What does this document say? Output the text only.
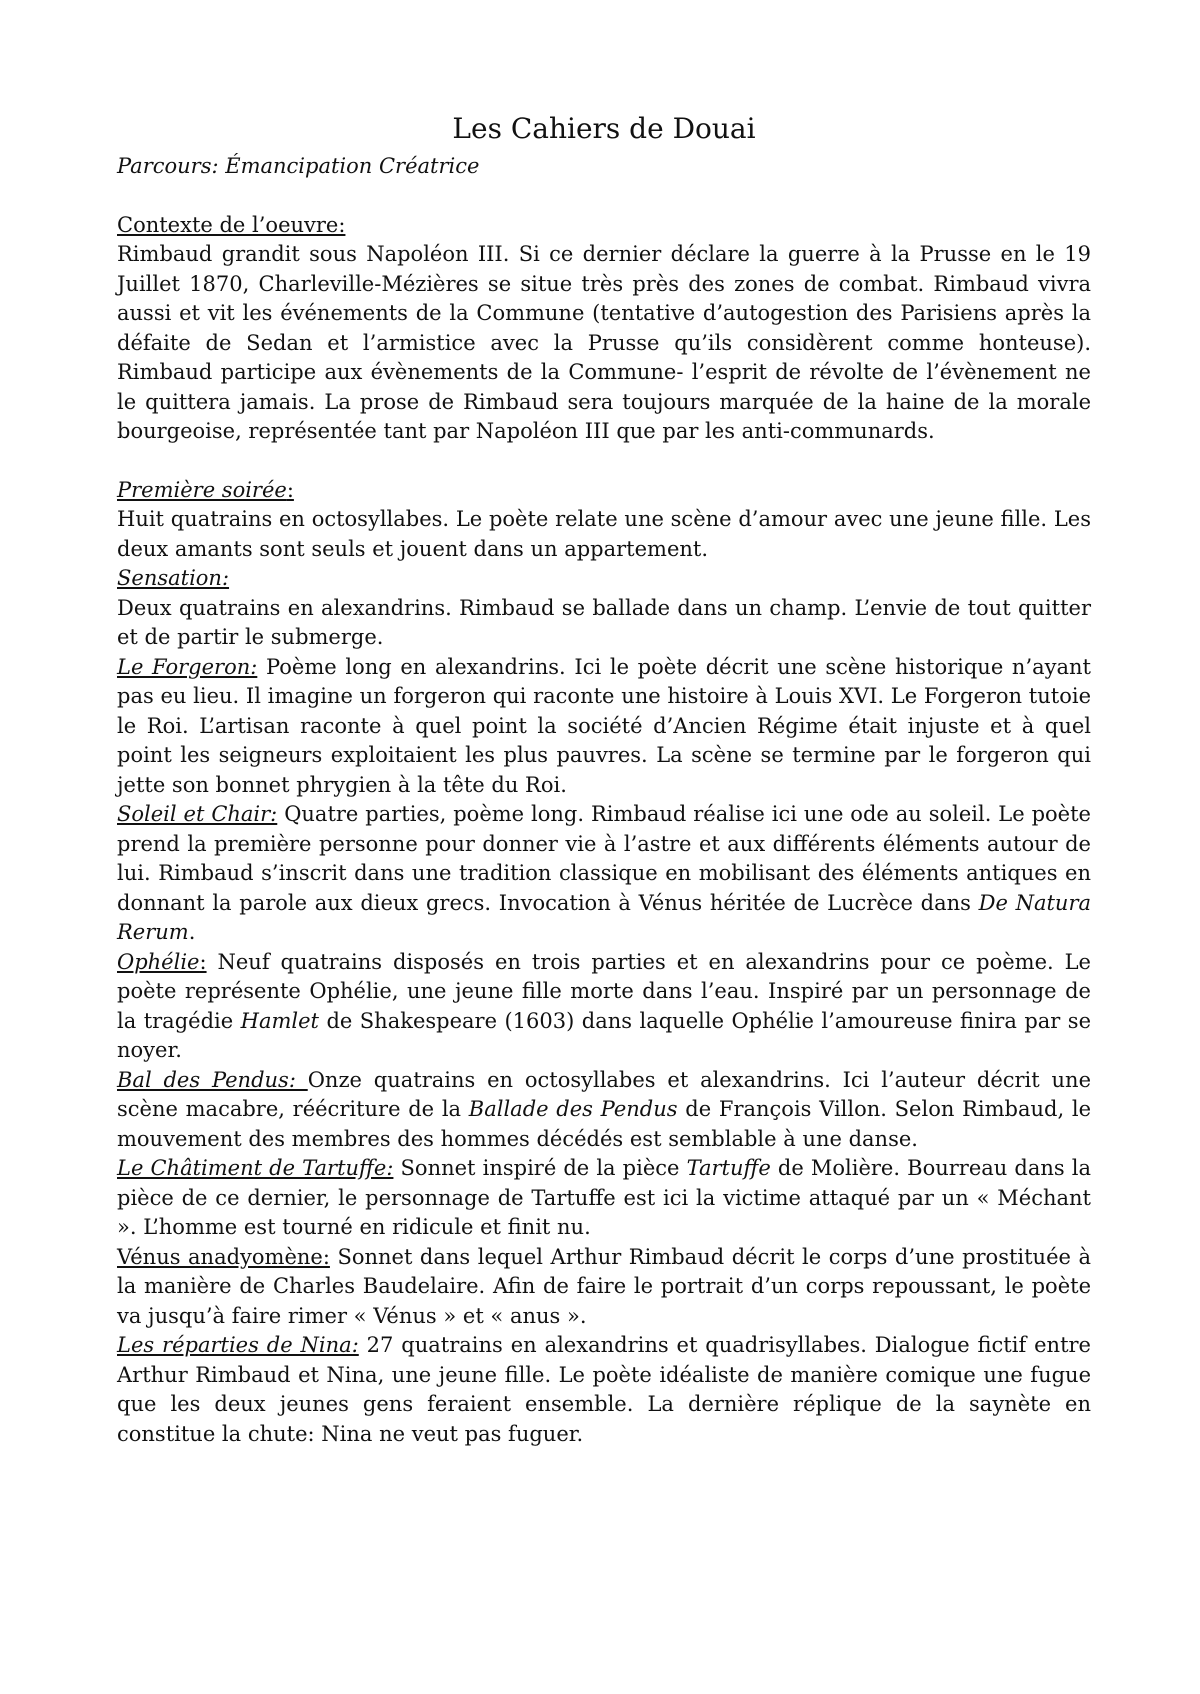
Les Cahiers de Douai

Parcours: Émancipation Créatrice

Contexte de l’oeuvre:

Rimbaud grandit sous Napoléon III. Si ce dernier déclare la guerre à la Prusse en le 19 Juillet 1870, Charleville-Mézières se situe très près des zones de combat. Rimbaud vivra aussi et vit les événements de la Commune (tentative d’autogestion des Parisiens après la défaite de Sedan et l’armistice avec la Prusse qu’ils considèrent comme honteuse). Rimbaud participe aux évènements de la Commune- l’esprit de révolte de l’évènement ne le quittera jamais. La prose de Rimbaud sera toujours marquée de la haine de la morale bourgeoise, représentée tant par Napoléon III que par les anti-communards.

Première soirée:

Huit quatrains en octosyllabes. Le poète relate une scène d’amour avec une jeune fille. Les deux amants sont seuls et jouent dans un appartement.

Sensation:

Deux quatrains en alexandrins. Rimbaud se ballade dans un champ. L’envie de tout quitter et de partir le submerge.

Le Forgeron: Poème long en alexandrins. Ici le poète décrit une scène historique n’ayant pas eu lieu. Il imagine un forgeron qui raconte une histoire à Louis XVI. Le Forgeron tutoie le Roi. L’artisan raconte à quel point la société d’Ancien Régime était injuste et à quel point les seigneurs exploitaient les plus pauvres. La scène se termine par le forgeron qui jette son bonnet phrygien à la tête du Roi.

Soleil et Chair: Quatre parties, poème long. Rimbaud réalise ici une ode au soleil. Le poète prend la première personne pour donner vie à l’astre et aux différents éléments autour de lui. Rimbaud s’inscrit dans une tradition classique en mobilisant des éléments antiques en donnant la parole aux dieux grecs. Invocation à Vénus héritée de Lucrèce dans De Natura Rerum.

Ophélie: Neuf quatrains disposés en trois parties et en alexandrins pour ce poème. Le poète représente Ophélie, une jeune fille morte dans l’eau. Inspiré par un personnage de la tragédie Hamlet de Shakespeare (1603) dans laquelle Ophélie l’amoureuse finira par se noyer.

Bal des Pendus: Onze quatrains en octosyllabes et alexandrins. Ici l’auteur décrit une scène macabre, réécriture de la Ballade des Pendus de François Villon. Selon Rimbaud, le mouvement des membres des hommes décédés est semblable à une danse.

Le Châtiment de Tartuffe: Sonnet inspiré de la pièce Tartuffe de Molière. Bourreau dans la pièce de ce dernier, le personnage de Tartuffe est ici la victime attaqué par un « Méchant ». L’homme est tourné en ridicule et finit nu.

Vénus anadyomène: Sonnet dans lequel Arthur Rimbaud décrit le corps d’une prostituée à la manière de Charles Baudelaire. Afin de faire le portrait d’un corps repoussant, le poète va jusqu’à faire rimer « Vénus » et « anus ».

Les réparties de Nina: 27 quatrains en alexandrins et quadrisyllabes. Dialogue fictif entre Arthur Rimbaud et Nina, une jeune fille. Le poète idéaliste de manière comique une fugue que les deux jeunes gens feraient ensemble. La dernière réplique de la saynète en constitue la chute: Nina ne veut pas fuguer.
